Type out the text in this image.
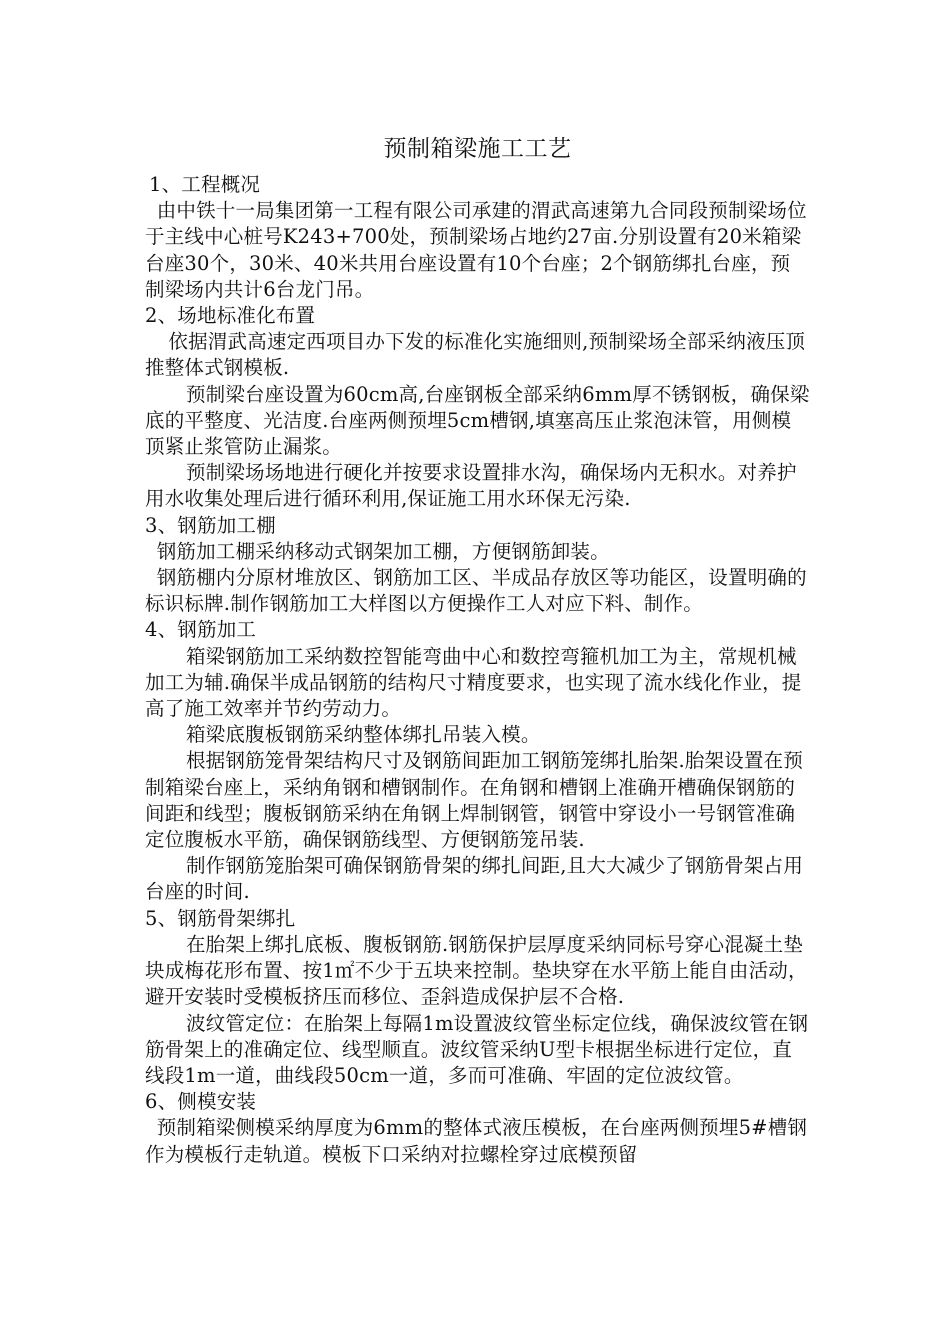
预制箱梁施工工艺

1、工程概况

由中铁十一局集团第一工程有限公司承建的渭武高速第九合同段预制梁场位于主线中心桩号K243+700处，预制梁场占地约27亩.分别设置有20米箱梁台座30个，30米、40米共用台座设置有10个台座；2个钢筋绑扎台座，预制梁场内共计6台龙门吊。

2、场地标准化布置

依据渭武高速定西项目办下发的标准化实施细则,预制梁场全部采纳液压顶推整体式钢模板.

预制梁台座设置为60cm高,台座钢板全部采纳6mm厚不锈钢板，确保梁底的平整度、光洁度.台座两侧预埋5cm槽钢,填塞高压止浆泡沫管，用侧模顶紧止浆管防止漏浆。

预制梁场场地进行硬化并按要求设置排水沟，确保场内无积水。对养护用水收集处理后进行循环利用,保证施工用水环保无污染.

3、钢筋加工棚

钢筋加工棚采纳移动式钢架加工棚，方便钢筋卸装。

钢筋棚内分原材堆放区、钢筋加工区、半成品存放区等功能区，设置明确的标识标牌.制作钢筋加工大样图以方便操作工人对应下料、制作。

4、钢筋加工

箱梁钢筋加工采纳数控智能弯曲中心和数控弯箍机加工为主，常规机械加工为辅.确保半成品钢筋的结构尺寸精度要求，也实现了流水线化作业，提高了施工效率并节约劳动力。

箱梁底腹板钢筋采纳整体绑扎吊装入模。

根据钢筋笼骨架结构尺寸及钢筋间距加工钢筋笼绑扎胎架.胎架设置在预制箱梁台座上，采纳角钢和槽钢制作。在角钢和槽钢上准确开槽确保钢筋的间距和线型；腹板钢筋采纳在角钢上焊制钢管，钢管中穿设小一号钢管准确定位腹板水平筋，确保钢筋线型、方便钢筋笼吊装.

制作钢筋笼胎架可确保钢筋骨架的绑扎间距,且大大减少了钢筋骨架占用台座的时间.

5、钢筋骨架绑扎

在胎架上绑扎底板、腹板钢筋.钢筋保护层厚度采纳同标号穿心混凝土垫块成梅花形布置、按1㎡不少于五块来控制。垫块穿在水平筋上能自由活动，避开安装时受模板挤压而移位、歪斜造成保护层不合格.

波纹管定位：在胎架上每隔1m设置波纹管坐标定位线，确保波纹管在钢筋骨架上的准确定位、线型顺直。波纹管采纳U型卡根据坐标进行定位，直线段1m一道，曲线段50cm一道，多而可准确、牢固的定位波纹管。

6、侧模安装

预制箱梁侧模采纳厚度为6mm的整体式液压模板，在台座两侧预埋5#槽钢作为模板行走轨道。模板下口采纳对拉螺栓穿过底模预留
